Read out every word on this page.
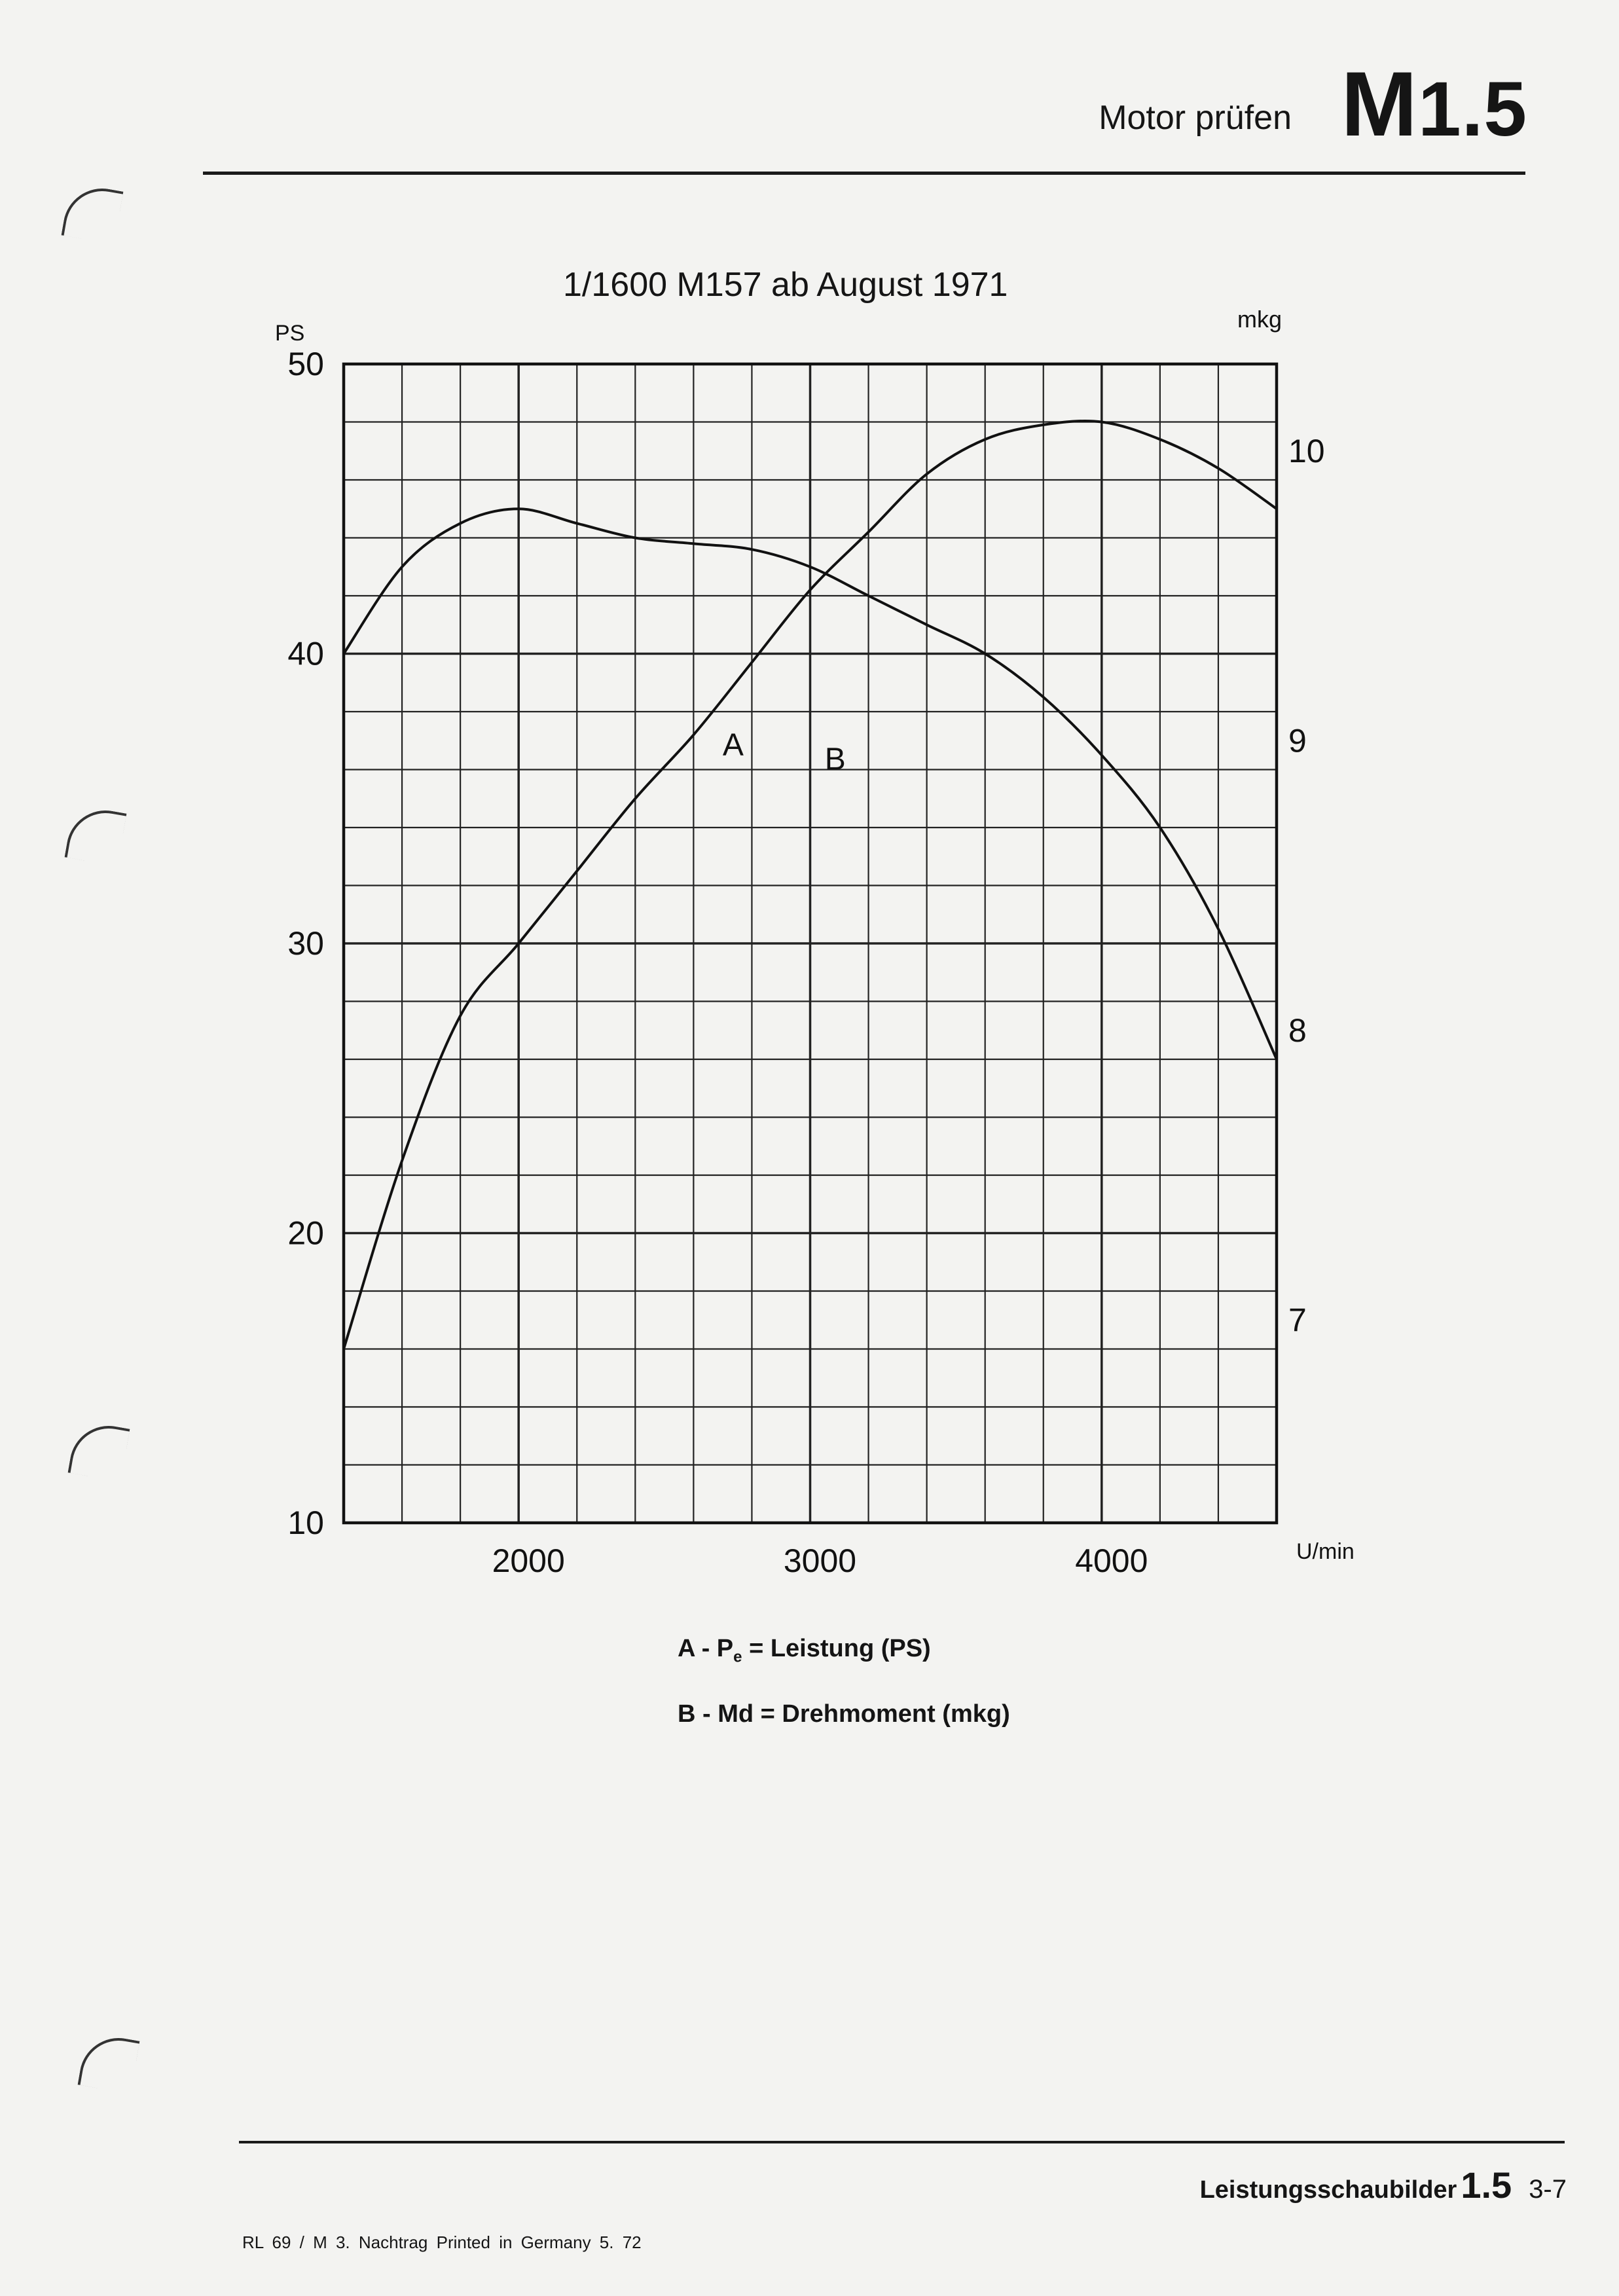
Motor prüfen M1.5
1/1600 M157 ab August 1971
A	B
50
40
30
20
10
10
9
8
7
2000	3000	4000	U/min
PS
mkg
A - $P_e$ = Leistung (PS)
B - Md = Drehmoment (mkg)
Leistungsschaubilder 1.5 3-7
RL 69 / M 3. Nachtrag Printed in Germany 5. 72
